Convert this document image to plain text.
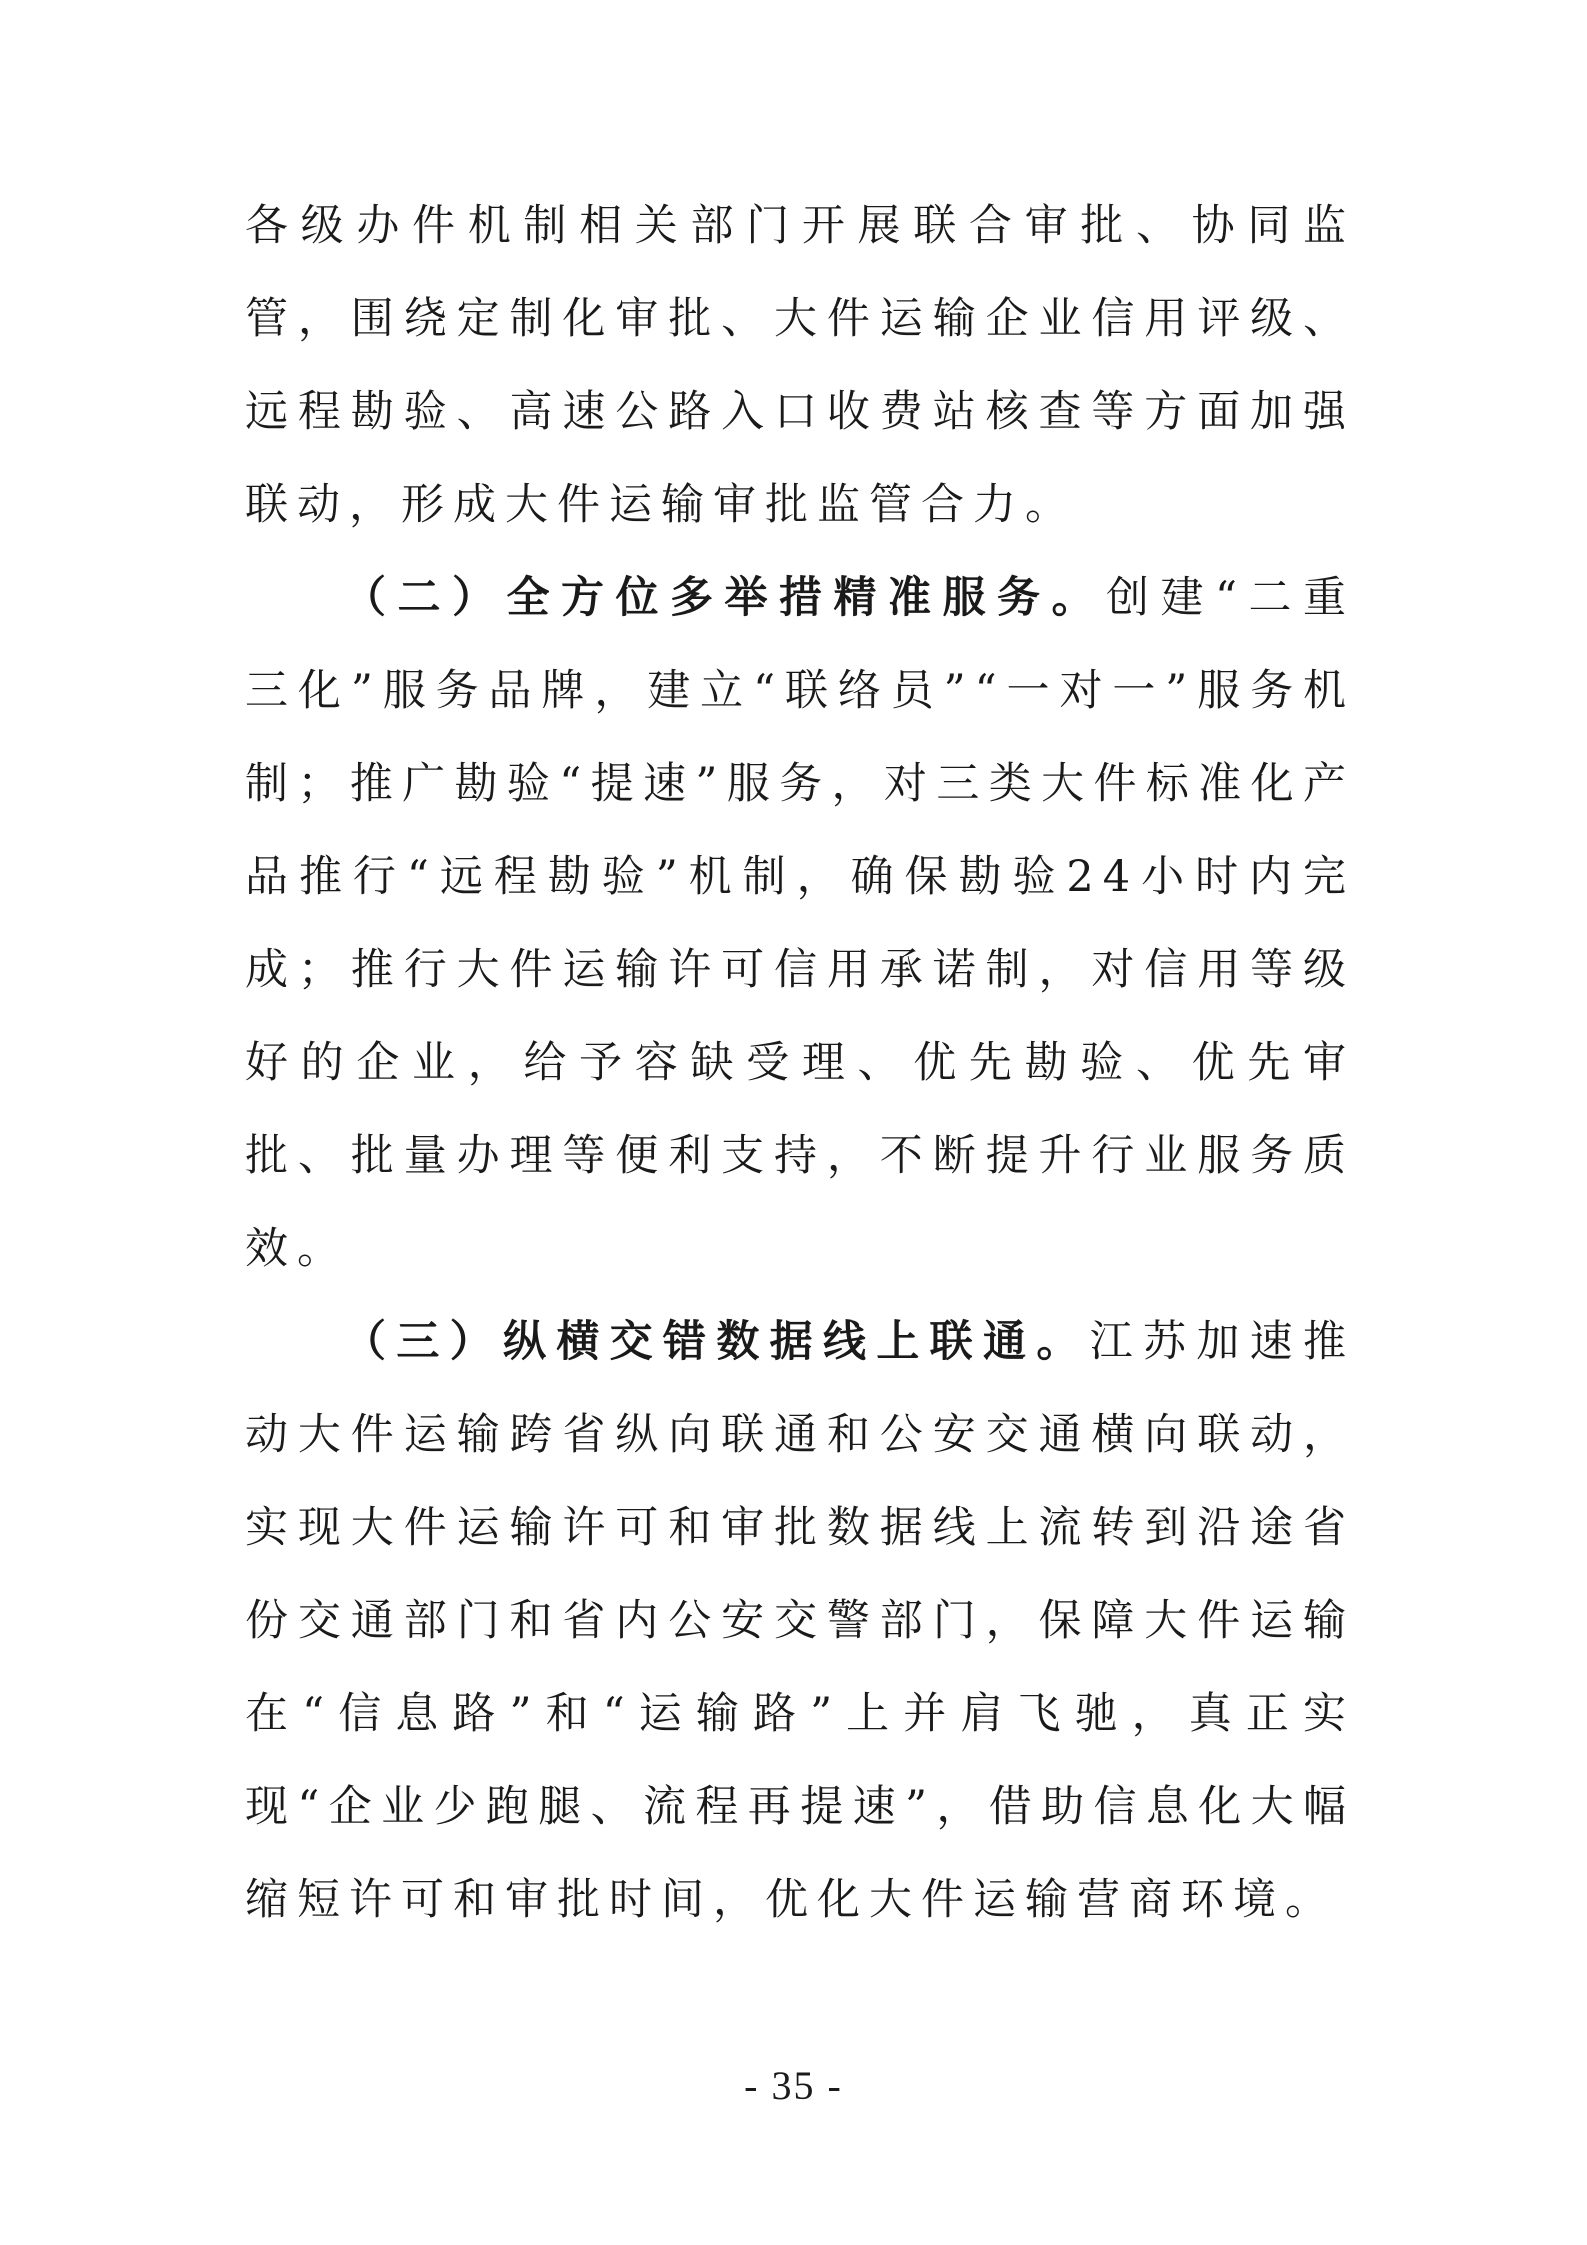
各级办件机制相关部门开展联合审批、协同监管，围绕定制化审批、大件运输企业信用评级、远程勘验、高速公路入口收费站核查等方面加强联动，形成大件运输审批监管合力。

（二）全方位多举措精准服务。创建“二重三化”服务品牌，建立“联络员”“一对一”服务机制；推广勘验“提速”服务，对三类大件标准化产品推行“远程勘验”机制，确保勘验24小时内完成；推行大件运输许可信用承诺制，对信用等级好的企业，给予容缺受理、优先勘验、优先审批、批量办理等便利支持，不断提升行业服务质效。

（三）纵横交错数据线上联通。江苏加速推动大件运输跨省纵向联通和公安交通横向联动，实现大件运输许可和审批数据线上流转到沿途省份交通部门和省内公安交警部门，保障大件运输在“信息路”和“运输路”上并肩飞驰，真正实现“企业少跑腿、流程再提速”，借助信息化大幅缩短许可和审批时间，优化大件运输营商环境。

- 35 -
